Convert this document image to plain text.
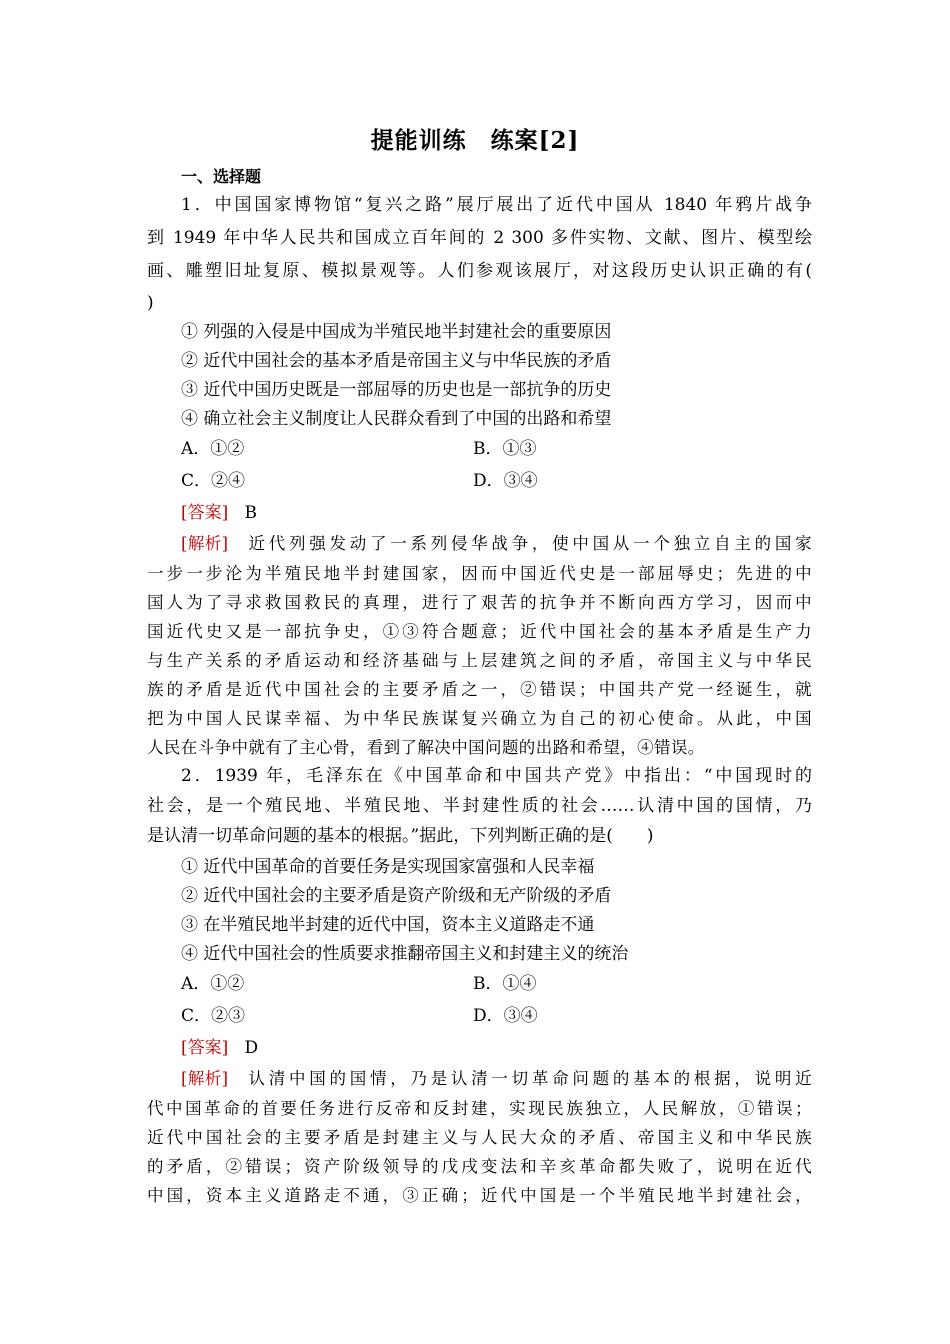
提能训练　练案[2]
一、选择题
1．中国国家博物馆“复兴之路”展厅展出了近代中国从 1840 年鸦片战争
到 1949 年中华人民共和国成立百年间的 2 300 多件实物、文献、图片、模型绘
画、雕塑旧址复原、模拟景观等。人们参观该展厅，对这段历史认识正确的有(
)
① 列强的入侵是中国成为半殖民地半封建社会的重要原因
② 近代中国社会的基本矛盾是帝国主义与中华民族的矛盾
③ 近代中国历史既是一部屈辱的历史也是一部抗争的历史
④ 确立社会主义制度让人民群众看到了中国的出路和希望
A．①②	B．①③
C．②④	D．③④
[答案] B
[解析] 近代列强发动了一系列侵华战争，使中国从一个独立自主的国家
一步一步沦为半殖民地半封建国家，因而中国近代史是一部屈辱史；先进的中
国人为了寻求救国救民的真理，进行了艰苦的抗争并不断向西方学习，因而中
国近代史又是一部抗争史，①③符合题意；近代中国社会的基本矛盾是生产力
与生产关系的矛盾运动和经济基础与上层建筑之间的矛盾，帝国主义与中华民
族的矛盾是近代中国社会的主要矛盾之一，②错误；中国共产党一经诞生，就
把为中国人民谋幸福、为中华民族谋复兴确立为自己的初心使命。从此，中国
人民在斗争中就有了主心骨，看到了解决中国问题的出路和希望，④错误。
2．1939 年，毛泽东在《中国革命和中国共产党》中指出：“中国现时的
社会，是一个殖民地、半殖民地、半封建性质的社会……认清中国的国情，乃
是认清一切革命问题的基本的根据。”据此，下列判断正确的是(　　)
① 近代中国革命的首要任务是实现国家富强和人民幸福
② 近代中国社会的主要矛盾是资产阶级和无产阶级的矛盾
③ 在半殖民地半封建的近代中国，资本主义道路走不通
④ 近代中国社会的性质要求推翻帝国主义和封建主义的统治
A．①②	B．①④
C．②③	D．③④
[答案] D
[解析] 认清中国的国情，乃是认清一切革命问题的基本的根据，说明近
代中国革命的首要任务进行反帝和反封建，实现民族独立，人民解放，①错误；
近代中国社会的主要矛盾是封建主义与人民大众的矛盾、帝国主义和中华民族
的矛盾，②错误；资产阶级领导的戊戌变法和辛亥革命都失败了，说明在近代
中国，资本主义道路走不通，③正确；近代中国是一个半殖民地半封建社会，
